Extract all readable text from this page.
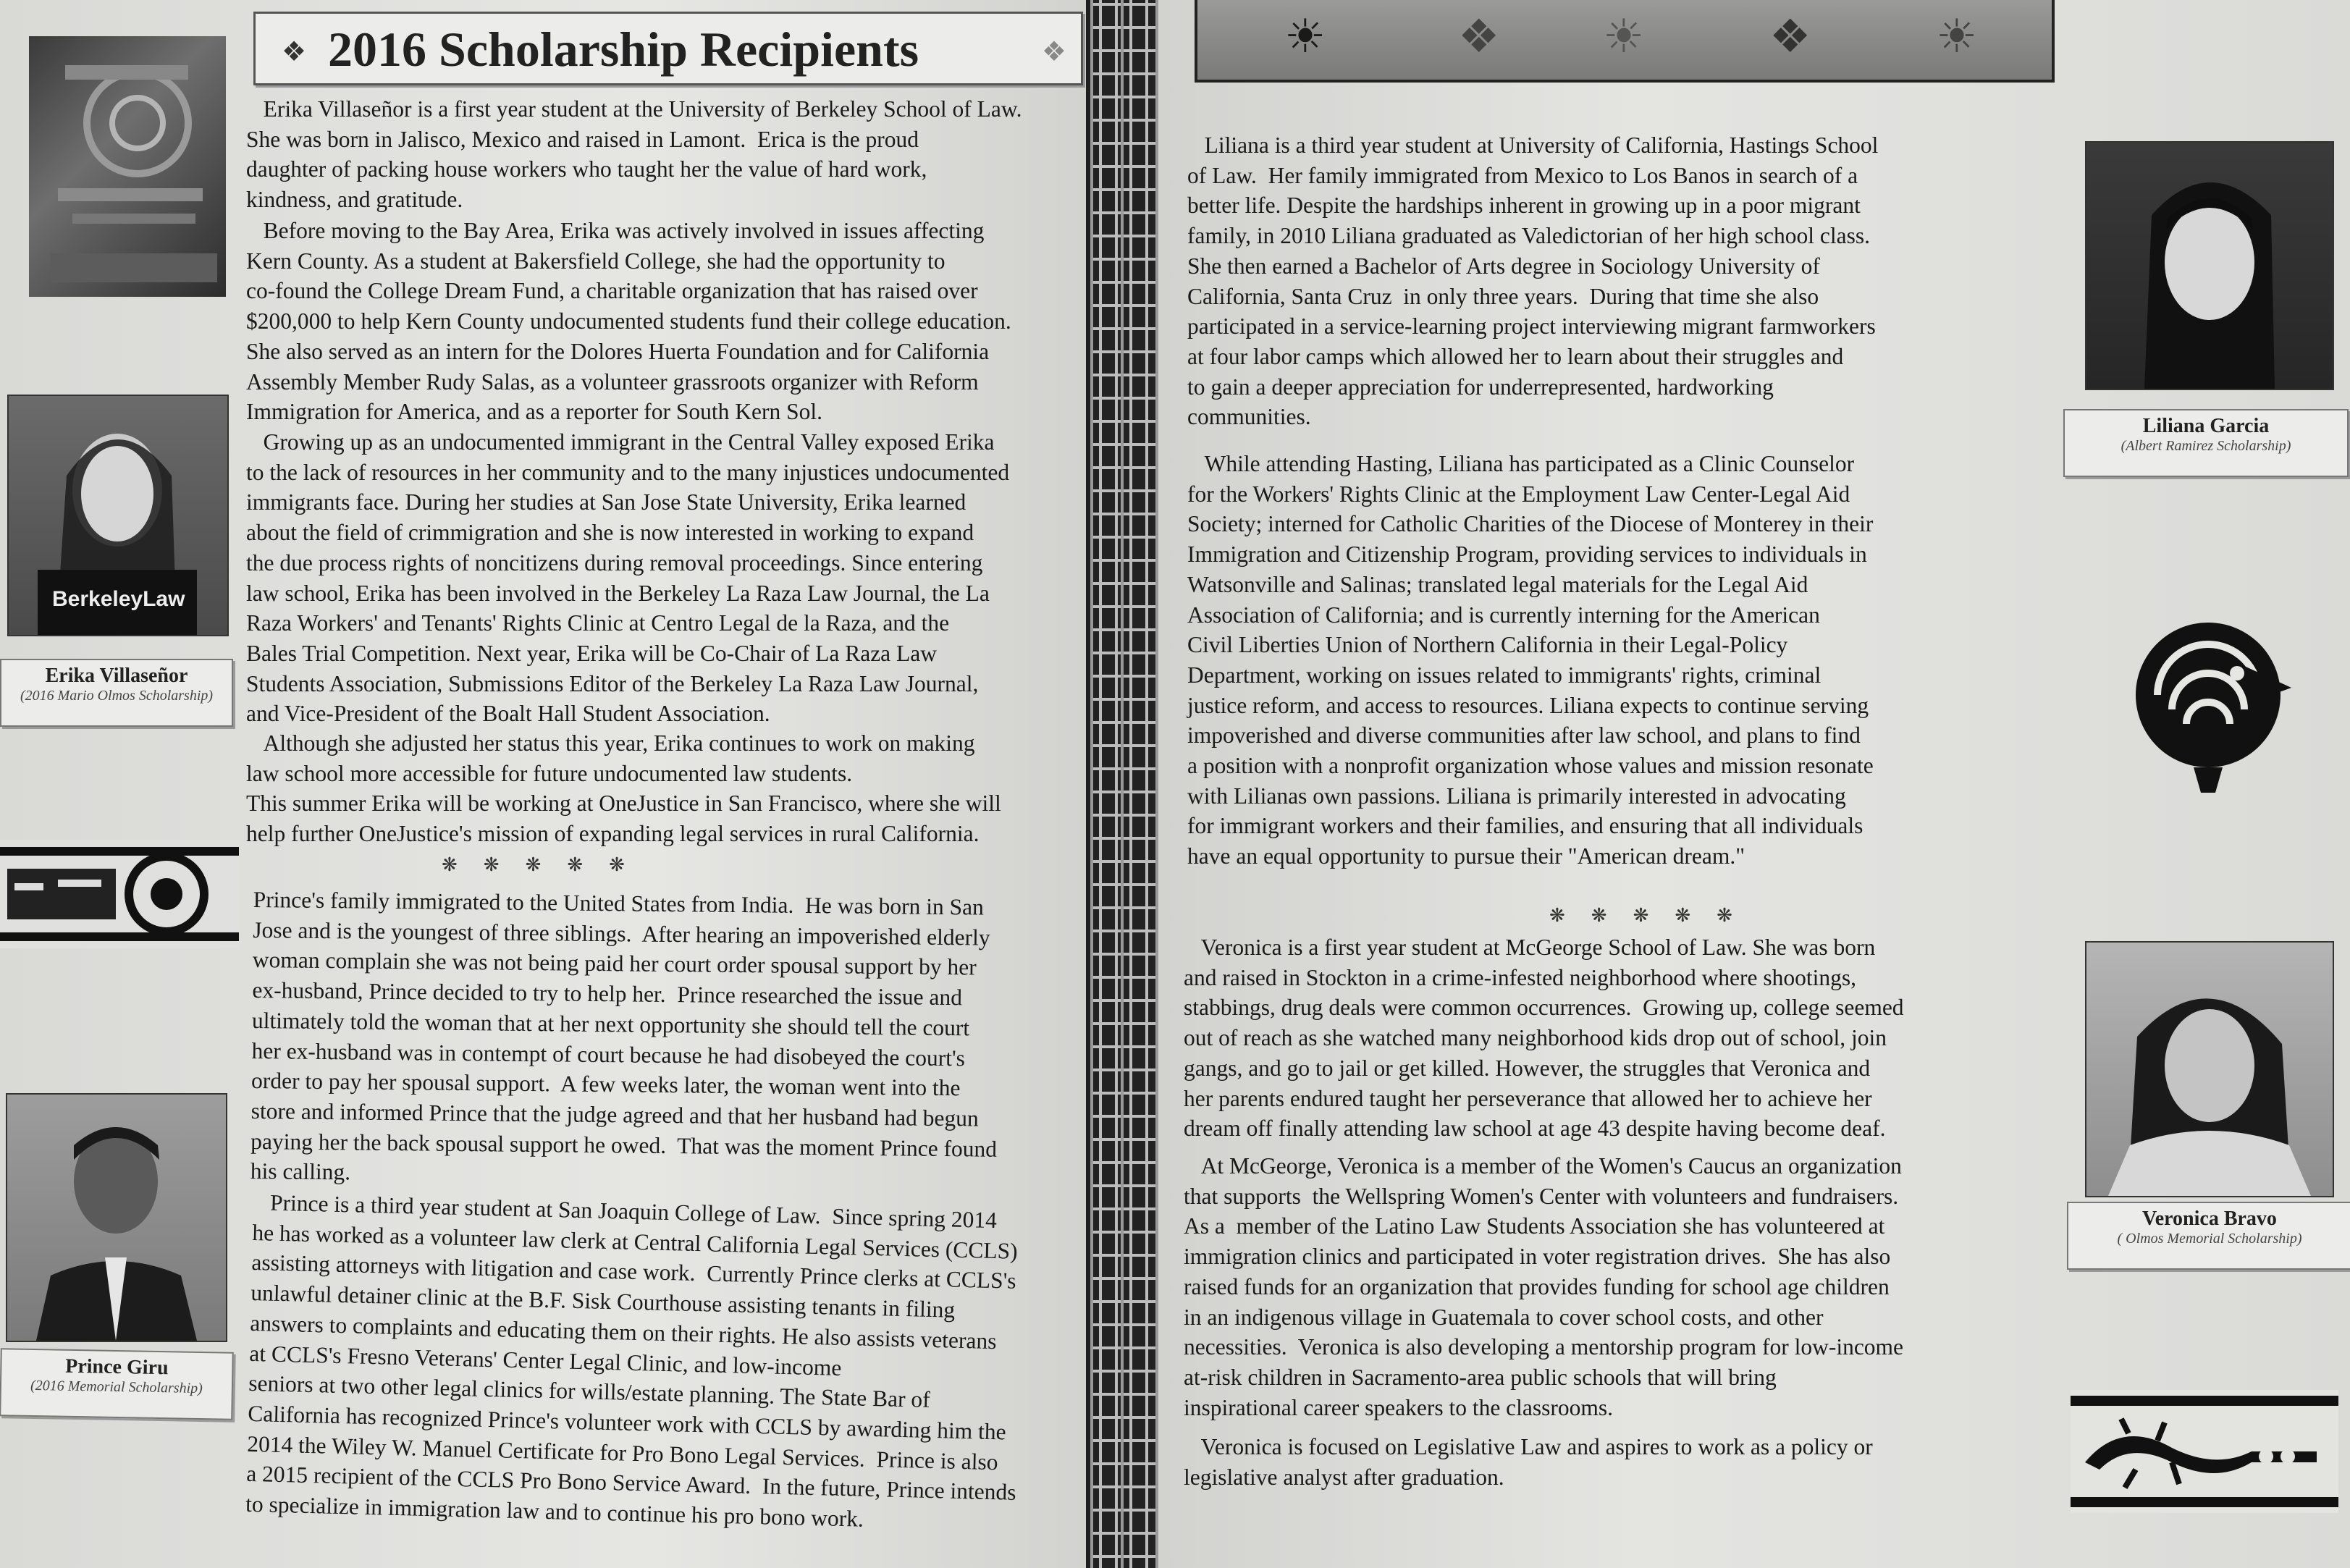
❖ 2016 Scholarship Recipients	❖

Erika Villaseñor is a first year student at the University of Berkeley School of Law.
She was born in Jalisco, Mexico and raised in Lamont.  Erica is the proud
daughter of packing house workers who taught her the value of hard work,
kindness, and gratitude.

Before moving to the Bay Area, Erika was actively involved in issues affecting
Kern County. As a student at Bakersfield College, she had the opportunity to
co-found the College Dream Fund, a charitable organization that has raised over
$200,000 to help Kern County undocumented students fund their college education.
She also served as an intern for the Dolores Huerta Foundation and for California
Assembly Member Rudy Salas, as a volunteer grassroots organizer with Reform
Immigration for America, and as a reporter for South Kern Sol.

Growing up as an undocumented immigrant in the Central Valley exposed Erika
to the lack of resources in her community and to the many injustices undocumented
immigrants face. During her studies at San Jose State University, Erika learned
about the field of crimmigration and she is now interested in working to expand
the due process rights of noncitizens during removal proceedings. Since entering
law school, Erika has been involved in the Berkeley La Raza Law Journal, the La
Raza Workers' and Tenants' Rights Clinic at Centro Legal de la Raza, and the
Bales Trial Competition. Next year, Erika will be Co-Chair of La Raza Law
Students Association, Submissions Editor of the Berkeley La Raza Law Journal,
and Vice-President of the Boalt Hall Student Association.

Although she adjusted her status this year, Erika continues to work on making
law school more accessible for future undocumented law students.
This summer Erika will be working at OneJustice in San Francisco, where she will
help further OneJustice's mission of expanding legal services in rural California.

BerkeleyLaw
Erika Villaseñor
(2016 Mario Olmos Scholarship)
❋❋❋❋❋

Prince's family immigrated to the United States from India.  He was born in San
Jose and is the youngest of three siblings.  After hearing an impoverished elderly
woman complain she was not being paid her court order spousal support by her
ex-husband, Prince decided to try to help her.  Prince researched the issue and
ultimately told the woman that at her next opportunity she should tell the court
her ex-husband was in contempt of court because he had disobeyed the court's
order to pay her spousal support.  A few weeks later, the woman went into the
store and informed Prince that the judge agreed and that her husband had begun
paying her the back spousal support he owed.  That was the moment Prince found
his calling.

Prince is a third year student at San Joaquin College of Law.  Since spring 2014
he has worked as a volunteer law clerk at Central California Legal Services (CCLS)
assisting attorneys with litigation and case work.  Currently Prince clerks at CCLS's
unlawful detainer clinic at the B.F. Sisk Courthouse assisting tenants in filing
answers to complaints and educating them on their rights. He also assists veterans
at CCLS's Fresno Veterans' Center Legal Clinic, and low-income
seniors at two other legal clinics for wills/estate planning. The State Bar of
California has recognized Prince's volunteer work with CCLS by awarding him the
2014 the Wiley W. Manuel Certificate for Pro Bono Legal Services.  Prince is also
a 2015 recipient of the CCLS Pro Bono Service Award.  In the future, Prince intends
to specialize in immigration law and to continue his pro bono work.

Prince Giru
(2016 Memorial Scholarship)
☀	❖ ☀	❖	☀

Liliana is a third year student at University of California, Hastings School
of Law.  Her family immigrated from Mexico to Los Banos in search of a
better life. Despite the hardships inherent in growing up in a poor migrant
family, in 2010 Liliana graduated as Valedictorian of her high school class.
She then earned a Bachelor of Arts degree in Sociology University of
California, Santa Cruz  in only three years.  During that time she also
participated in a service-learning project interviewing migrant farmworkers
at four labor camps which allowed her to learn about their struggles and
to gain a deeper appreciation for underrepresented, hardworking
communities.

While attending Hasting, Liliana has participated as a Clinic Counselor
for the Workers' Rights Clinic at the Employment Law Center-Legal Aid
Society; interned for Catholic Charities of the Diocese of Monterey in their
Immigration and Citizenship Program, providing services to individuals in
Watsonville and Salinas; translated legal materials for the Legal Aid
Association of California; and is currently interning for the American
Civil Liberties Union of Northern California in their Legal-Policy
Department, working on issues related to immigrants' rights, criminal
justice reform, and access to resources. Liliana expects to continue serving
impoverished and diverse communities after law school, and plans to find
a position with a nonprofit organization whose values and mission resonate
with Lilianas own passions. Liliana is primarily interested in advocating
for immigrant workers and their families, and ensuring that all individuals
have an equal opportunity to pursue their "American dream."

Liliana Garcia
(Albert Ramirez Scholarship)
❋❋❋❋❋

Veronica is a first year student at McGeorge School of Law. She was born
and raised in Stockton in a crime-infested neighborhood where shootings,
stabbings, drug deals were common occurrences.  Growing up, college seemed
out of reach as she watched many neighborhood kids drop out of school, join
gangs, and go to jail or get killed. However, the struggles that Veronica and
her parents endured taught her perseverance that allowed her to achieve her
dream off finally attending law school at age 43 despite having become deaf.

At McGeorge, Veronica is a member of the Women's Caucus an organization
that supports  the Wellspring Women's Center with volunteers and fundraisers.
As a  member of the Latino Law Students Association she has volunteered at
immigration clinics and participated in voter registration drives.  She has also
raised funds for an organization that provides funding for school age children
in an indigenous village in Guatemala to cover school costs, and other
necessities.  Veronica is also developing a mentorship program for low-income
at-risk children in Sacramento-area public schools that will bring
inspirational career speakers to the classrooms.

Veronica is focused on Legislative Law and aspires to work as a policy or
legislative analyst after graduation.

Veronica Bravo
( Olmos Memorial Scholarship)
